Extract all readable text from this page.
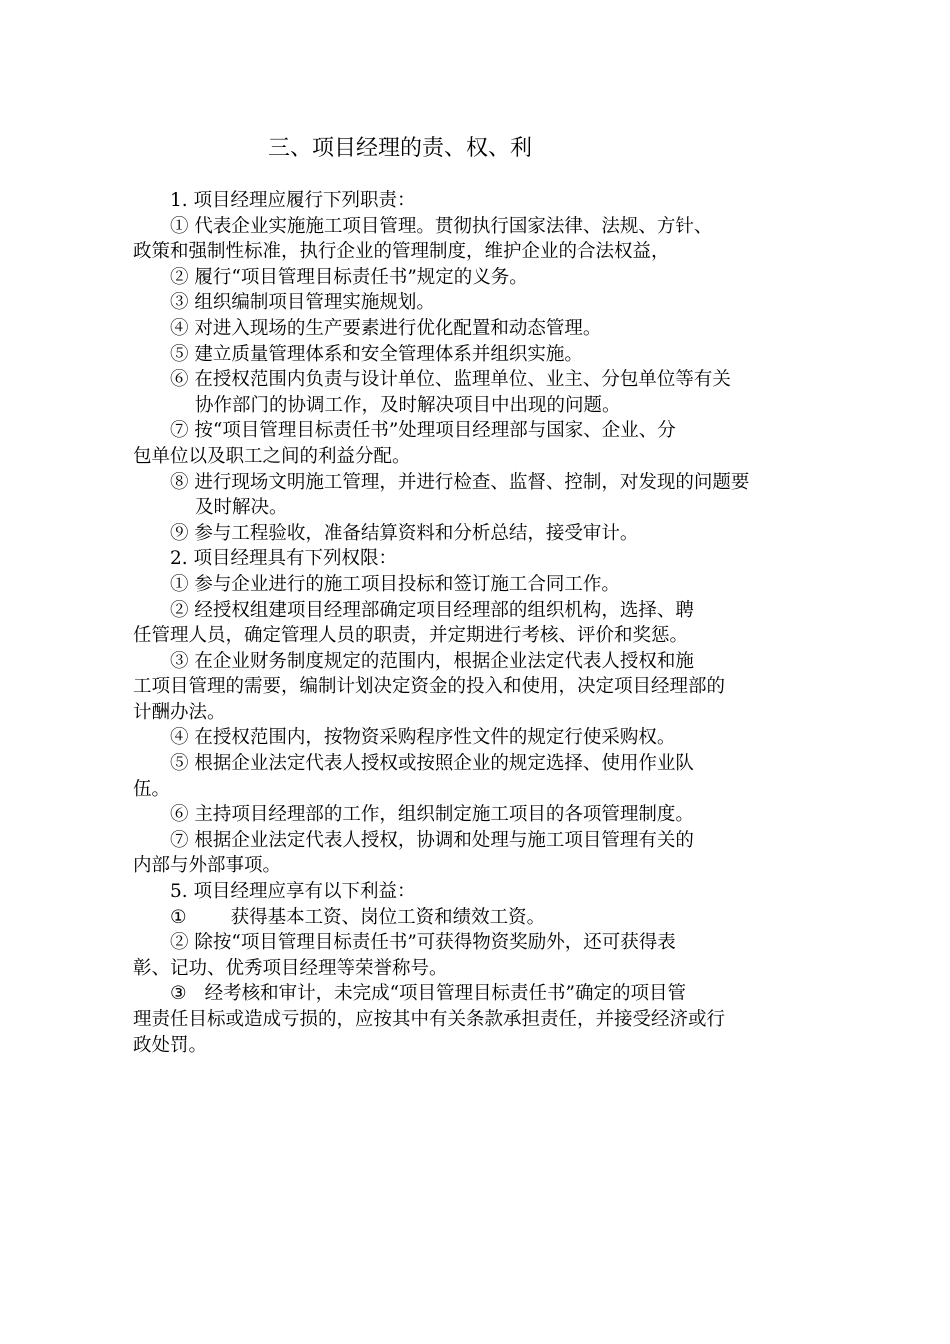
三、项目经理的责、权、利

1. 项目经理应履行下列职责：

① 代表企业实施施工项目管理。贯彻执行国家法律、法规、方针、

政策和强制性标准，执行企业的管理制度，维护企业的合法权益，

② 履行“项目管理目标责任书”规定的义务。

③ 组织编制项目管理实施规划。

④ 对进入现场的生产要素进行优化配置和动态管理。

⑤ 建立质量管理体系和安全管理体系并组织实施。

⑥ 在授权范围内负责与设计单位、监理单位、业主、分包单位等有关

协作部门的协调工作，及时解决项目中出现的问题。

⑦ 按“项目管理目标责任书”处理项目经理部与国家、企业、分

包单位以及职工之间的利益分配。

⑧ 进行现场文明施工管理，并进行检查、监督、控制，对发现的问题要

及时解决。

⑨ 参与工程验收，准备结算资料和分析总结，接受审计。

2. 项目经理具有下列权限：

① 参与企业进行的施工项目投标和签订施工合同工作。

② 经授权组建项目经理部确定项目经理部的组织机构，选择、聘

任管理人员，确定管理人员的职责，并定期进行考核、评价和奖惩。

③ 在企业财务制度规定的范围内，根据企业法定代表人授权和施

工项目管理的需要，编制计划决定资金的投入和使用，决定项目经理部的

计酬办法。

④ 在授权范围内，按物资采购程序性文件的规定行使采购权。

⑤ 根据企业法定代表人授权或按照企业的规定选择、使用作业队

伍。

⑥ 主持项目经理部的工作，组织制定施工项目的各项管理制度。

⑦ 根据企业法定代表人授权，协调和处理与施工项目管理有关的

内部与外部事项。

5. 项目经理应享有以下利益：

① 获得基本工资、岗位工资和绩效工资。

② 除按“项目管理目标责任书”可获得物资奖励外，还可获得表

彰、记功、优秀项目经理等荣誉称号。

③ 经考核和审计，未完成“项目管理目标责任书”确定的项目管

理责任目标或造成亏损的，应按其中有关条款承担责任，并接受经济或行

政处罚。
